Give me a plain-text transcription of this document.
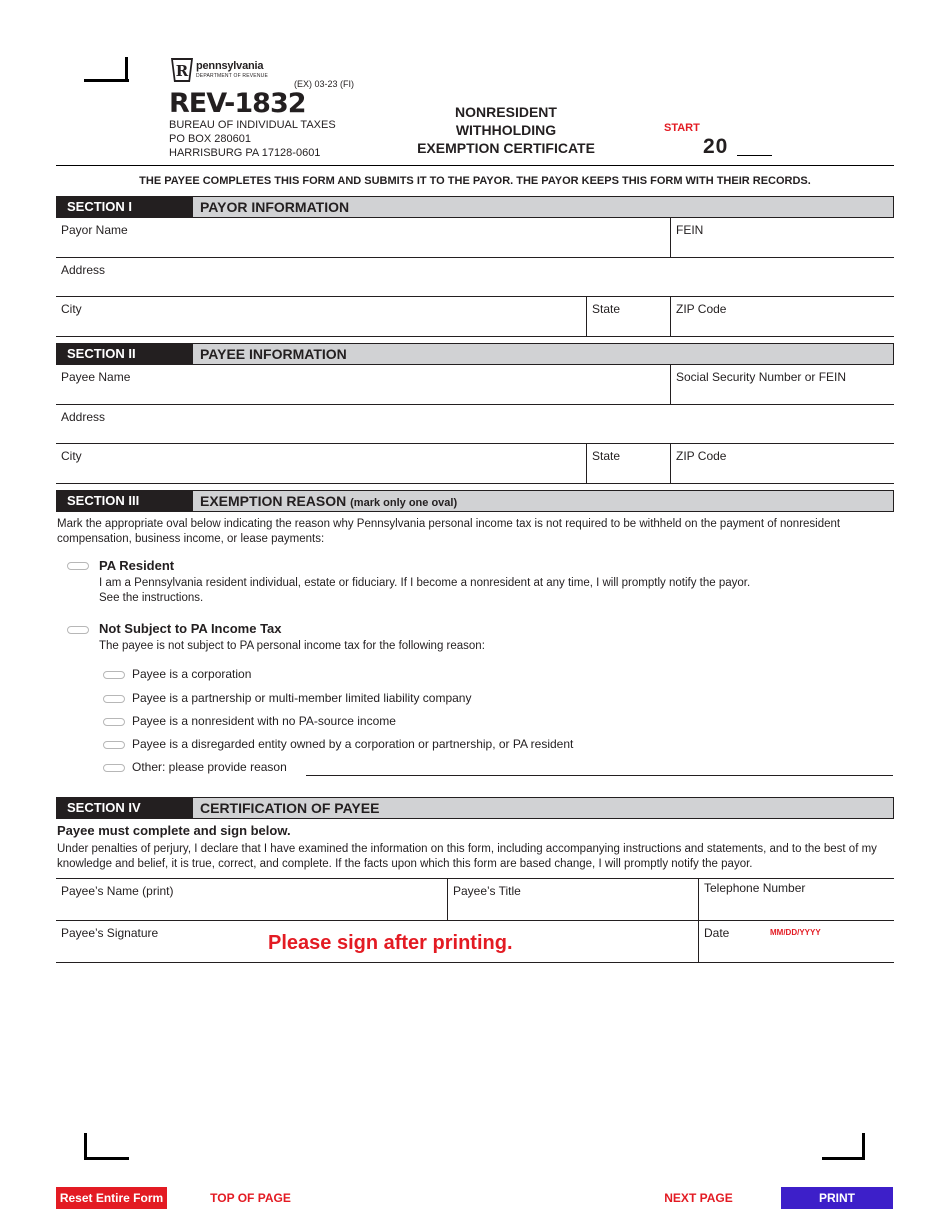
R pennsylvania
DEPARTMENT OF REVENUE
(EX) 03-23 (FI)
REV-1832
BUREAU OF INDIVIDUAL TAXES
PO BOX 280601
HARRISBURG PA 17128-0601
NONRESIDENT
WITHHOLDING
EXEMPTION CERTIFICATE
START
20
THE PAYEE COMPLETES THIS FORM AND SUBMITS IT TO THE PAYOR. THE PAYOR KEEPS THIS FORM WITH THEIR RECORDS.
SECTION I	PAYOR INFORMATION
Payor Name	FEIN
Address
City	State	ZIP Code
SECTION II	PAYEE INFORMATION
Payee Name	Social Security Number or FEIN
Address
City	State	ZIP Code
SECTION III	EXEMPTION REASON (mark only one oval)
Mark the appropriate oval below indicating the reason why Pennsylvania personal income tax is not required to be withheld on the payment of nonresident compensation, business income, or lease payments:
PA Resident
I am a Pennsylvania resident individual, estate or fiduciary. If I become a nonresident at any time, I will promptly notify the payor.
See the instructions.
Not Subject to PA Income Tax
The payee is not subject to PA personal income tax for the following reason:
Payee is a corporation
Payee is a partnership or multi-member limited liability company
Payee is a nonresident with no PA-source income
Payee is a disregarded entity owned by a corporation or partnership, or PA resident
Other: please provide reason
SECTION IV	CERTIFICATION OF PAYEE
Payee must complete and sign below.
Under penalties of perjury, I declare that I have examined the information on this form, including accompanying instructions and statements, and to the best of my knowledge and belief, it is true, correct, and complete. If the facts upon which this form are based change, I will promptly notify the payor.
Payee’s Name (print)	Payee’s Title	Telephone Number
Payee’s Signature	Date
Please sign after printing.	MM/DD/YYYY
Reset Entire Form	TOP OF PAGE	NEXT PAGE	PRINT
